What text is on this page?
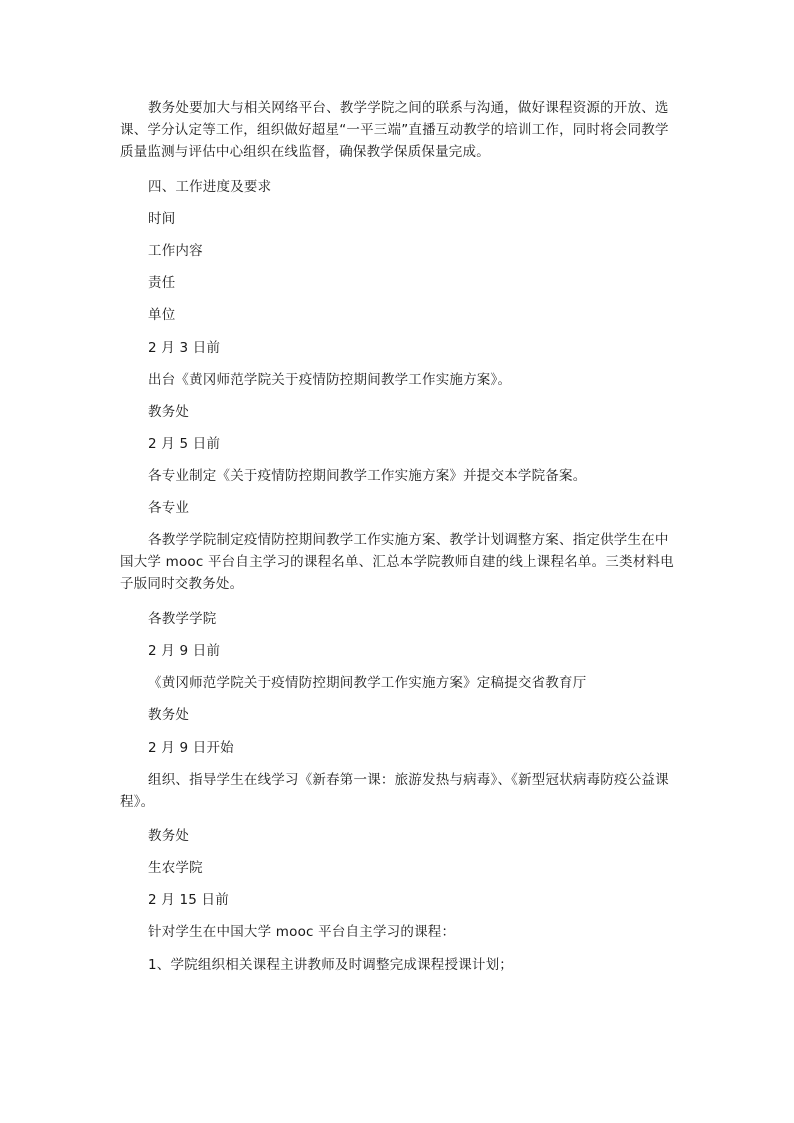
教务处要加大与相关网络平台、教学学院之间的联系与沟通，做好课程资源的开放、选课、学分认定等工作，组织做好超星“一平三端”直播互动教学的培训工作，同时将会同教学质量监测与评估中心组织在线监督，确保教学保质保量完成。

四、工作进度及要求

时间

工作内容

责任

单位

2 月 3 日前

出台《黄冈师范学院关于疫情防控期间教学工作实施方案》。

教务处

2 月 5 日前

各专业制定《关于疫情防控期间教学工作实施方案》并提交本学院备案。

各专业

各教学学院制定疫情防控期间教学工作实施方案、教学计划调整方案、指定供学生在中国大学 mooc 平台自主学习的课程名单、汇总本学院教师自建的线上课程名单。三类材料电子版同时交教务处。

各教学学院

2 月 9 日前

《黄冈师范学院关于疫情防控期间教学工作实施方案》定稿提交省教育厅

教务处

2 月 9 日开始

组织、指导学生在线学习《新春第一课：旅游发热与病毒》、《新型冠状病毒防疫公益课程》。

教务处

生农学院

2 月 15 日前

针对学生在中国大学 mooc 平台自主学习的课程：

1、学院组织相关课程主讲教师及时调整完成课程授课计划；
